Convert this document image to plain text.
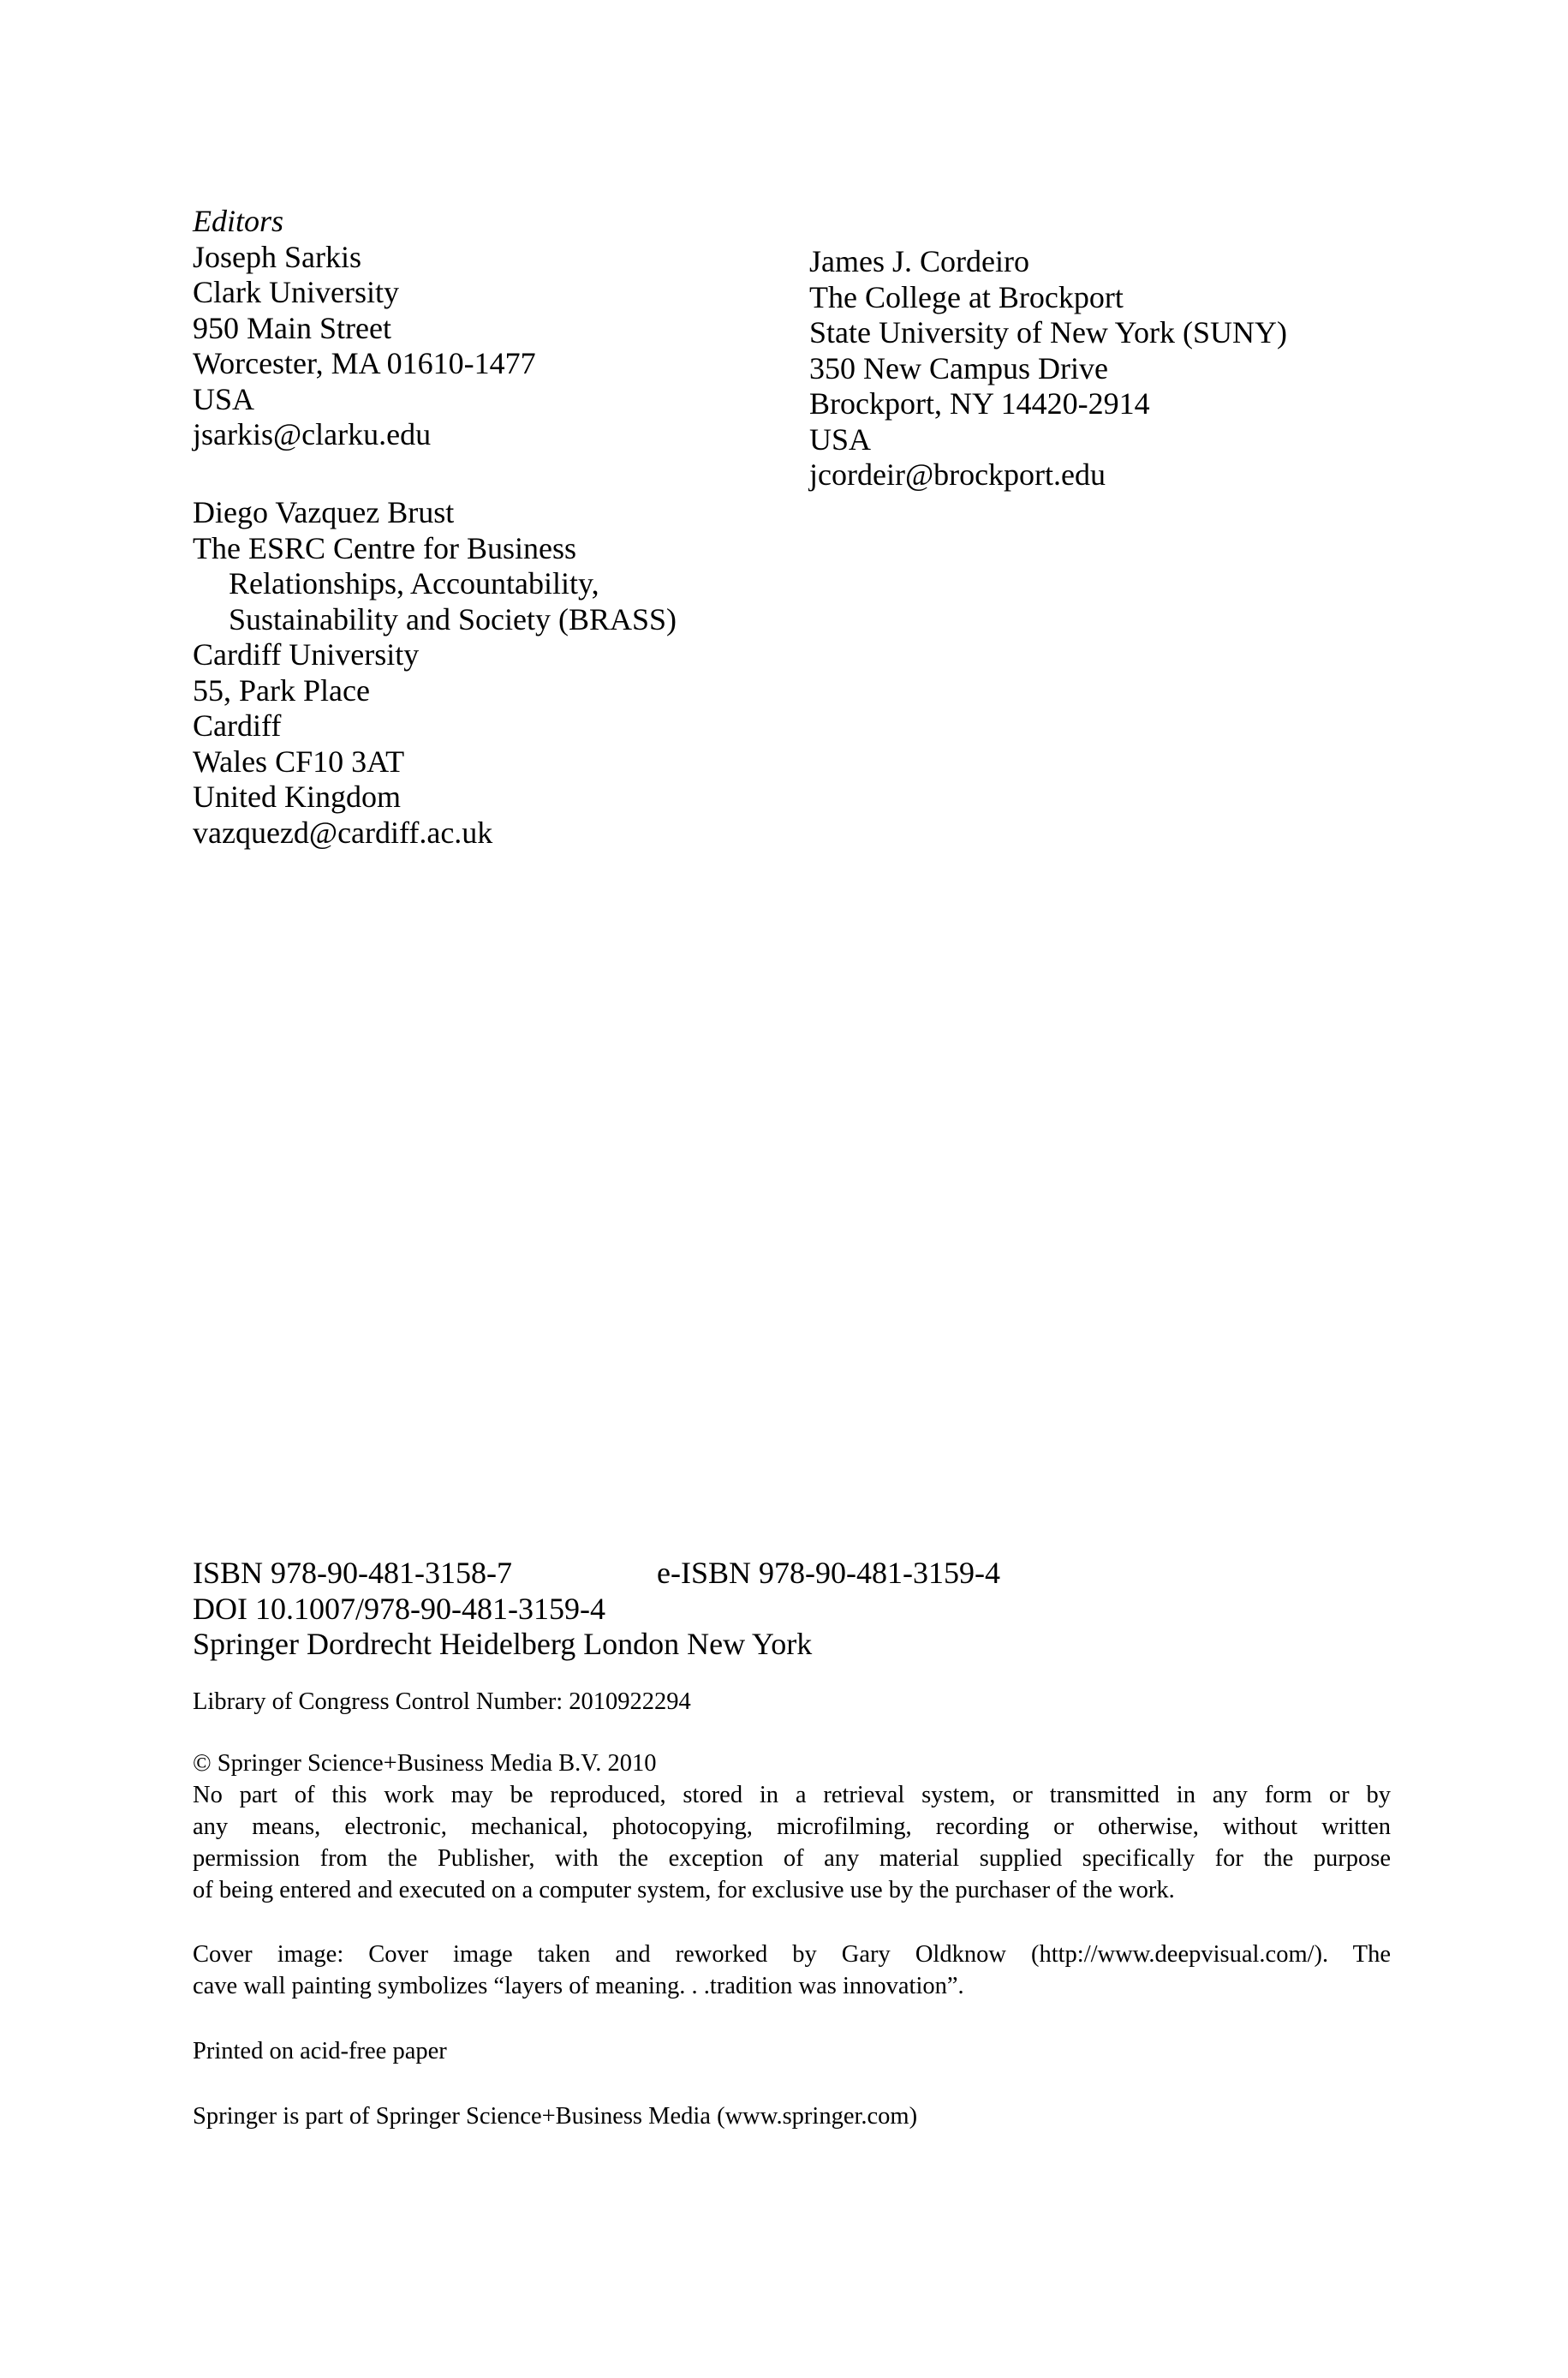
Editors
Joseph Sarkis
Clark University
950 Main Street
Worcester, MA 01610-1477
USA
jsarkis@clarku.edu
James J. Cordeiro
The College at Brockport
State University of New York (SUNY)
350 New Campus Drive
Brockport, NY 14420-2914
USA
jcordeir@brockport.edu
Diego Vazquez Brust
The ESRC Centre for Business
Relationships, Accountability,
Sustainability and Society (BRASS)
Cardiff University
55, Park Place
Cardiff
Wales CF10 3AT
United Kingdom
vazquezd@cardiff.ac.uk
ISBN 978-90-481-3158-7	e-ISBN 978-90-481-3159-4
DOI 10.1007/978-90-481-3159-4
Springer Dordrecht Heidelberg London New York
Library of Congress Control Number: 2010922294
© Springer Science+Business Media B.V. 2010
No part of this work may be reproduced, stored in a retrieval system, or transmitted in any form or by
any means, electronic, mechanical, photocopying, microfilming, recording or otherwise, without written
permission from the Publisher, with the exception of any material supplied specifically for the purpose
of being entered and executed on a computer system, for exclusive use by the purchaser of the work.
Cover image: Cover image taken and reworked by Gary Oldknow (http://www.deepvisual.com/). The
cave wall painting symbolizes “layers of meaning. . .tradition was innovation”.
Printed on acid-free paper
Springer is part of Springer Science+Business Media (www.springer.com)
